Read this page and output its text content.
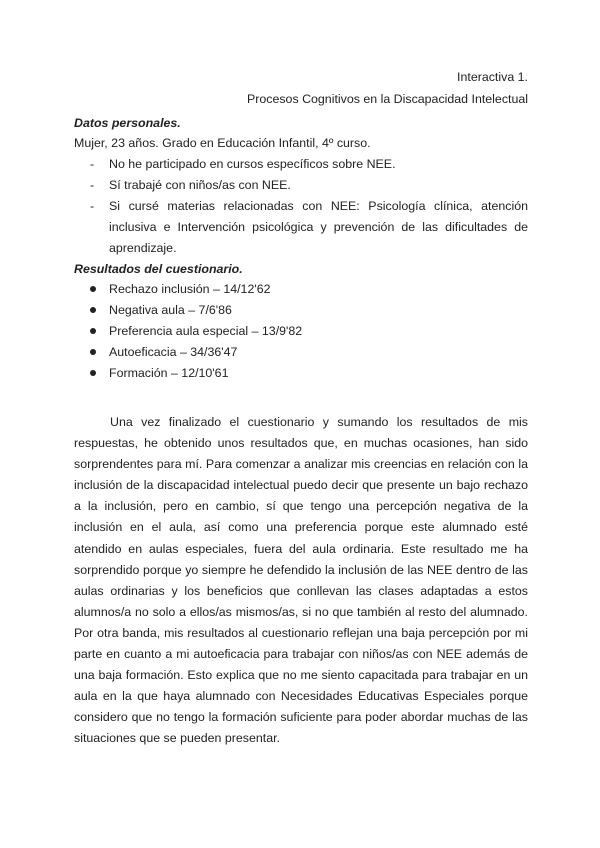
Interactiva 1.
Procesos Cognitivos en la Discapacidad Intelectual
Datos personales.
Mujer, 23 años. Grado en Educación Infantil, 4º curso.
- No he participado en cursos específicos sobre NEE.
- Sí trabajé con niños/as con NEE.
- Si cursé materias relacionadas con NEE: Psicología clínica, atención inclusiva e Intervención psicológica y prevención de las dificultades de aprendizaje.
Resultados del cuestionario.
Rechazo inclusión – 14/12'62
Negativa aula – 7/6'86
Preferencia aula especial – 13/9'82
Autoeficacia – 34/36'47
Formación – 12/10'61

Una vez finalizado el cuestionario y sumando los resultados de mis respuestas, he obtenido unos resultados que, en muchas ocasiones, han sido sorprendentes para mí. Para comenzar a analizar mis creencias en relación con la inclusión de la discapacidad intelectual puedo decir que presente un bajo rechazo a la inclusión, pero en cambio, sí que tengo una percepción negativa de la inclusión en el aula, así como una preferencia porque este alumnado esté atendido en aulas especiales, fuera del aula ordinaria. Este resultado me ha sorprendido porque yo siempre he defendido la inclusión de las NEE dentro de las aulas ordinarias y los beneficios que conllevan las clases adaptadas a estos alumnos/a no solo a ellos/as mismos/as, si no que también al resto del alumnado. Por otra banda, mis resultados al cuestionario reflejan una baja percepción por mi parte en cuanto a mi autoeficacia para trabajar con niños/as con NEE además de una baja formación. Esto explica que no me siento capacitada para trabajar en un aula en la que haya alumnado con Necesidades Educativas Especiales porque considero que no tengo la formación suficiente para poder abordar muchas de las situaciones que se pueden presentar.
